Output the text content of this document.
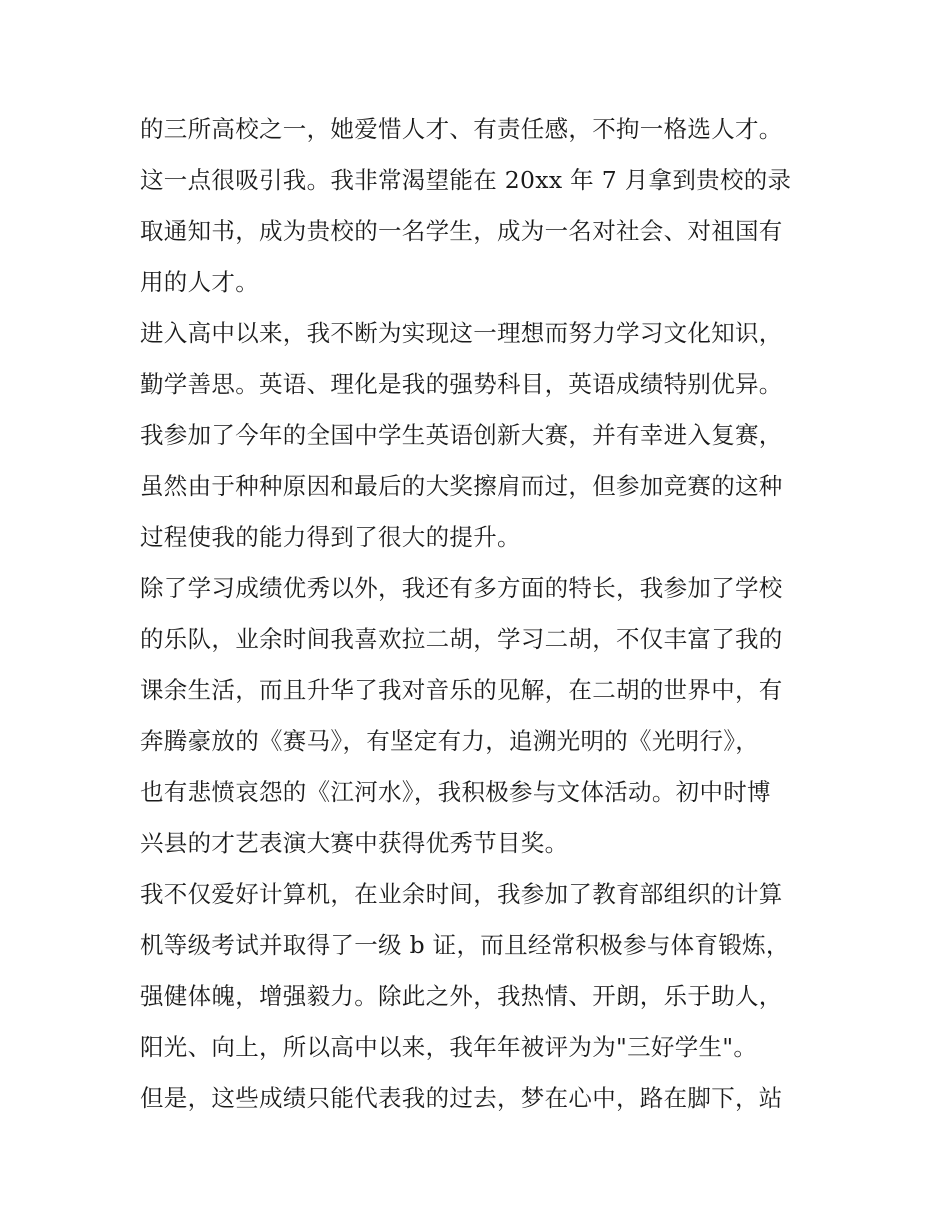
的三所高校之一，她爱惜人才、有责任感，不拘一格选人才。
这一点很吸引我。我非常渴望能在 20xx 年 7 月拿到贵校的录
取通知书，成为贵校的一名学生，成为一名对社会、对祖国有
用的人才。
进入高中以来，我不断为实现这一理想而努力学习文化知识，
勤学善思。英语、理化是我的强势科目，英语成绩特别优异。
我参加了今年的全国中学生英语创新大赛，并有幸进入复赛，
虽然由于种种原因和最后的大奖擦肩而过，但参加竞赛的这种
过程使我的能力得到了很大的提升。
除了学习成绩优秀以外，我还有多方面的特长，我参加了学校
的乐队，业余时间我喜欢拉二胡，学习二胡，不仅丰富了我的
课余生活，而且升华了我对音乐的见解，在二胡的世界中，有
奔腾豪放的《赛马》，有坚定有力，追溯光明的《光明行》，
也有悲愤哀怨的《江河水》，我积极参与文体活动。初中时博
兴县的才艺表演大赛中获得优秀节目奖。
我不仅爱好计算机，在业余时间，我参加了教育部组织的计算
机等级考试并取得了一级 b 证，而且经常积极参与体育锻炼，
强健体魄，增强毅力。除此之外，我热情、开朗，乐于助人，
阳光、向上，所以高中以来，我年年被评为为"三好学生"。
但是，这些成绩只能代表我的过去，梦在心中，路在脚下，站
